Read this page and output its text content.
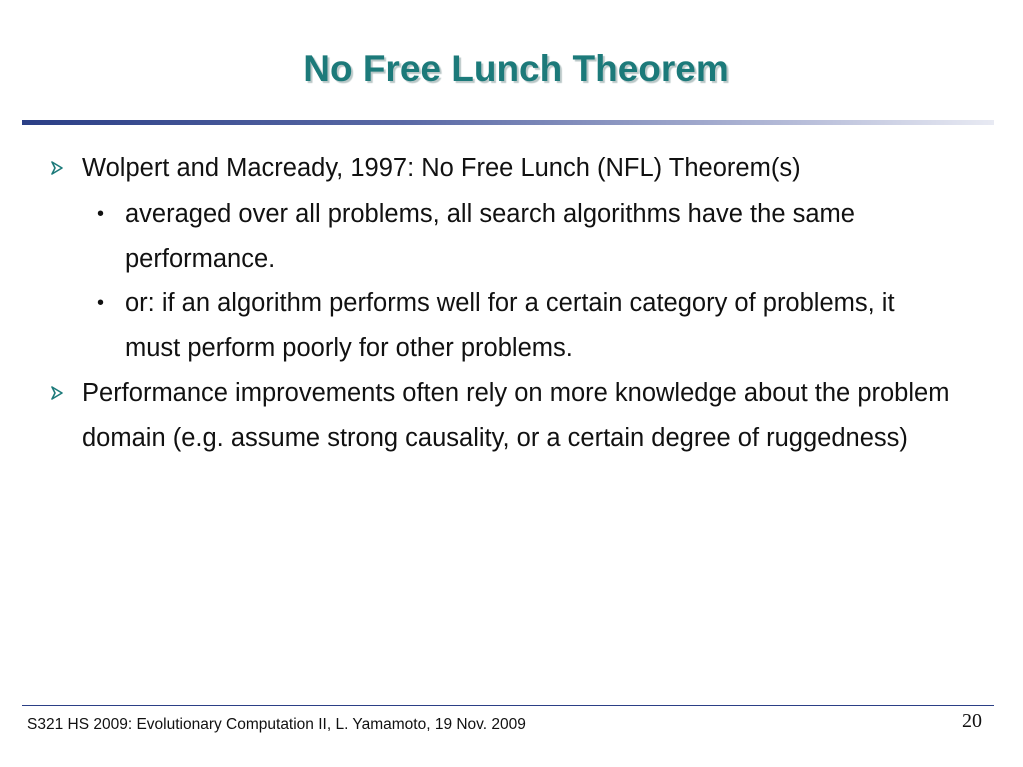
No Free Lunch Theorem
Wolpert and Macready, 1997: No Free Lunch (NFL) Theorem(s)
• averaged over all problems, all search algorithms have the same performance.
• or: if an algorithm performs well for a certain category of problems, it must perform poorly for other problems.
Performance improvements often rely on more knowledge about the problem domain (e.g. assume strong causality, or a certain degree of ruggedness)
S321 HS 2009: Evolutionary Computation II, L. Yamamoto, 19 Nov. 2009	20
